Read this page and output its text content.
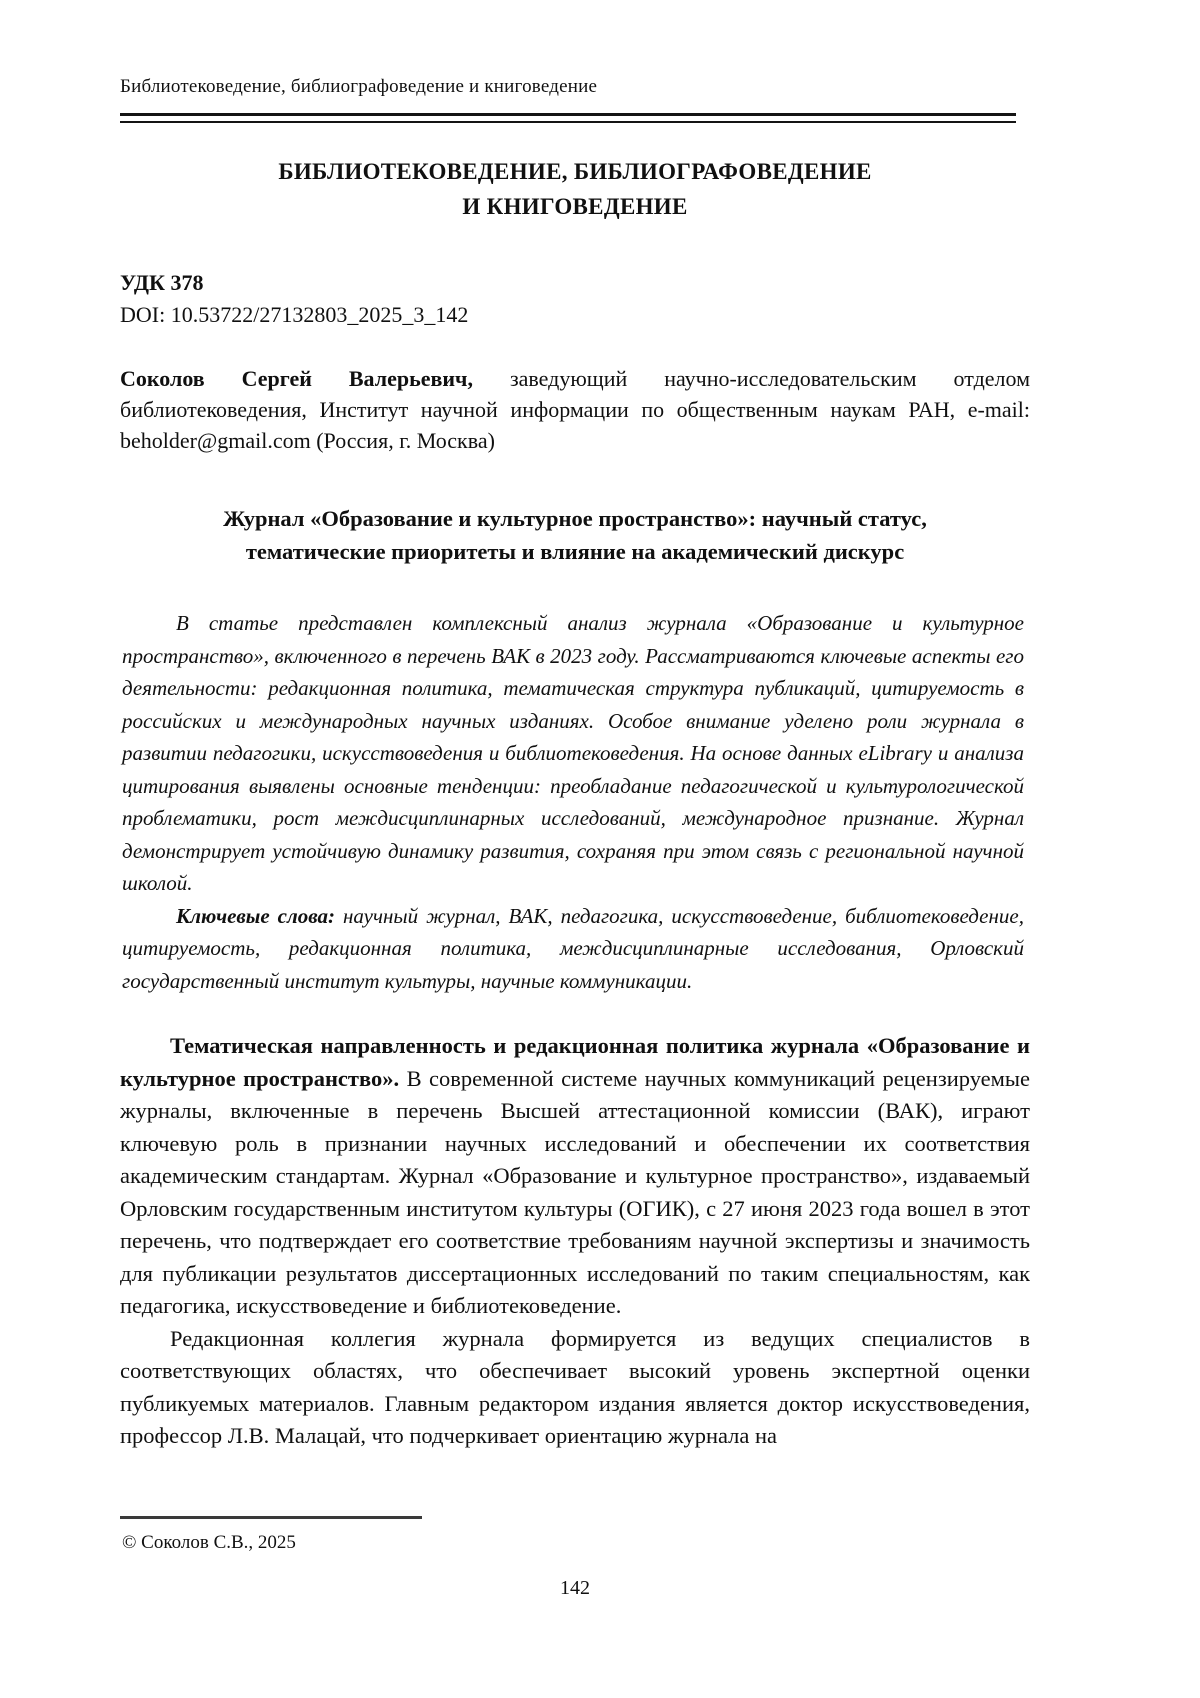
Библиотековедение, библиографоведение и книговедение
БИБЛИОТЕКОВЕДЕНИЕ, БИБЛИОГРАФОВЕДЕНИЕ
И КНИГОВЕДЕНИЕ
УДК 378
DOI: 10.53722/27132803_2025_3_142

Соколов Сергей Валерьевич, заведующий научно-исследовательским отделом библиотековедения, Институт научной информации по общественным наукам РАН, e-mail: beholder@gmail.com (Россия, г. Москва)

Журнал «Образование и культурное пространство»: научный статус,
тематические приоритеты и влияние на академический дискурс

В статье представлен комплексный анализ журнала «Образование и культурное пространство», включенного в перечень ВАК в 2023 году. Рассматриваются ключевые аспекты его деятельности: редакционная политика, тематическая структура публикаций, цитируемость в российских и международных научных изданиях. Особое внимание уделено роли журнала в развитии педагогики, искусствоведения и библиотековедения. На основе данных eLibrary и анализа цитирования выявлены основные тенденции: преобладание педагогической и культурологической проблематики, рост междисциплинарных исследований, международное признание. Журнал демонстрирует устойчивую динамику развития, сохраняя при этом связь с региональной научной школой.

Ключевые слова: научный журнал, ВАК, педагогика, искусствоведение, библиотековедение, цитируемость, редакционная политика, междисциплинарные исследования, Орловский государственный институт культуры, научные коммуникации.

Тематическая направленность и редакционная политика журнала «Образование и культурное пространство». В современной системе научных коммуникаций рецензируемые журналы, включенные в перечень Высшей аттестационной комиссии (ВАК), играют ключевую роль в признании научных исследований и обеспечении их соответствия академическим стандартам. Журнал «Образование и культурное пространство», издаваемый Орловским государственным институтом культуры (ОГИК), с 27 июня 2023 года вошел в этот перечень, что подтверждает его соответствие требованиям научной экспертизы и значимость для публикации результатов диссертационных исследований по таким специальностям, как педагогика, искусствоведение и библиотековедение.

Редакционная коллегия журнала формируется из ведущих специалистов в соответствующих областях, что обеспечивает высокий уровень экспертной оценки публикуемых материалов. Главным редактором издания является доктор искусствоведения, профессор Л.В. Малацай, что подчеркивает ориентацию журнала на

© Соколов С.В., 2025
142
